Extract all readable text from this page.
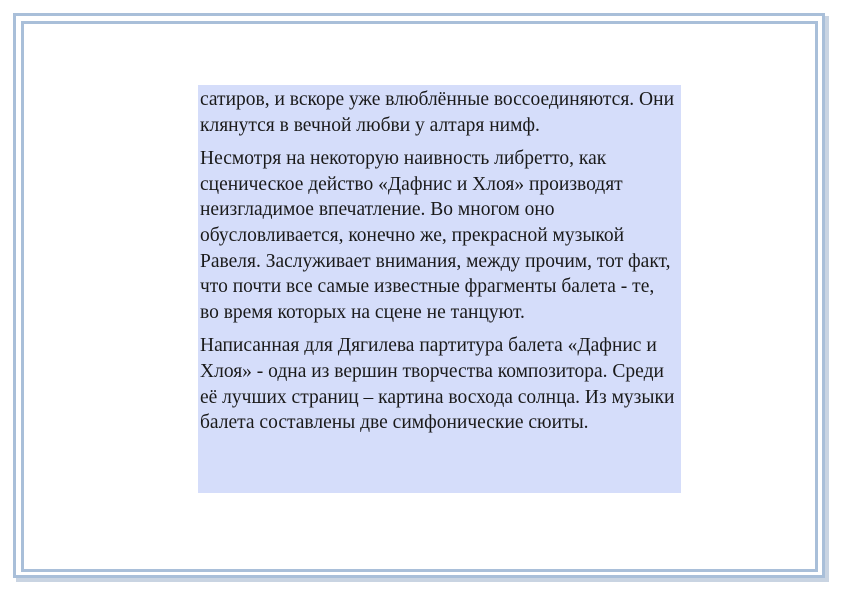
сатиров, и вскоре уже влюблённые воссоединяются. Они клянутся в вечной любви у алтаря нимф.

Несмотря на некоторую наивность либретто, как сценическое действо «Дафнис и Хлоя» производят неизгладимое впечатление. Во многом оно обусловливается, конечно же, прекрасной музыкой Равеля. Заслуживает внимания, между прочим, тот факт, что почти все самые известные фрагменты балета - те, во время которых на сцене не танцуют.

Написанная для Дягилева партитура балета «Дафнис и Хлоя» - одна из вершин творчества композитора. Среди её лучших страниц – картина восхода солнца. Из музыки балета составлены две симфонические сюиты.
